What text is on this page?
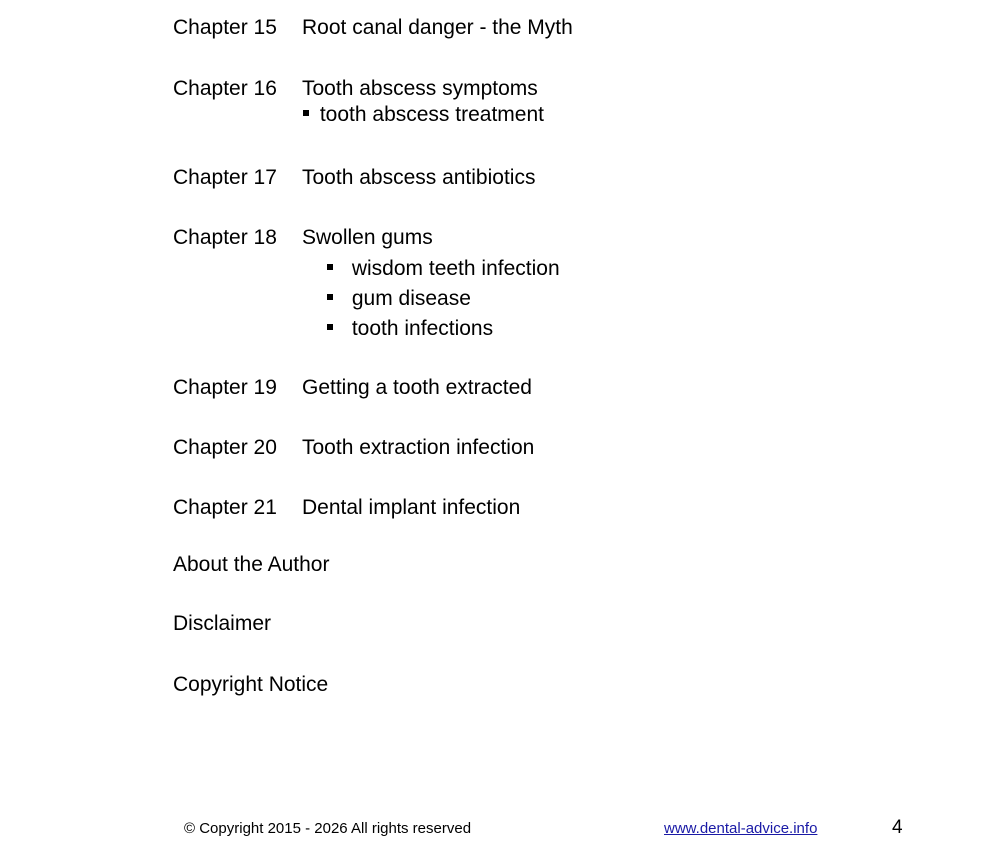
Chapter 15 Root canal danger - the Myth
Chapter 16 Tooth abscess symptoms
tooth abscess treatment
Chapter 17 Tooth abscess antibiotics
Chapter 18 Swollen gums
wisdom teeth infection
gum disease
tooth infections
Chapter 19 Getting a tooth extracted
Chapter 20 Tooth extraction infection
Chapter 21 Dental implant infection
About the Author
Disclaimer
Copyright Notice
© Copyright 2015 - 2026 All rights reserved	www.dental-advice.info	4
